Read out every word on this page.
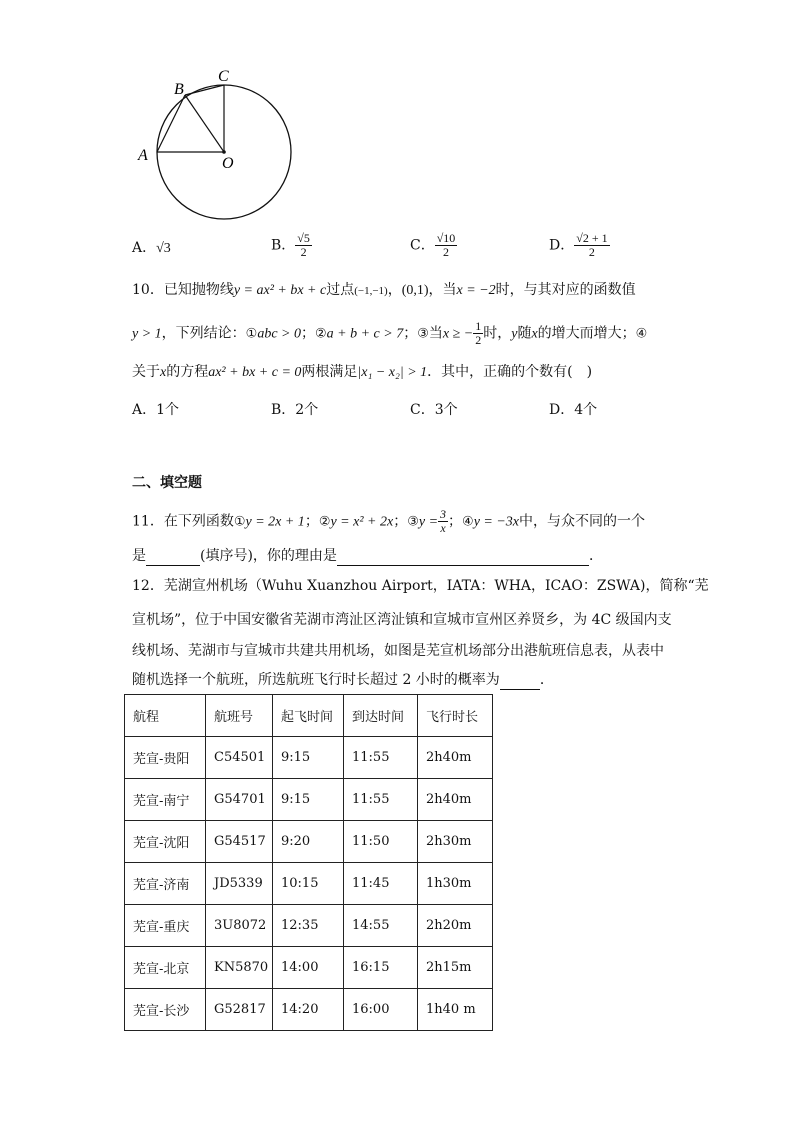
A
B
C
O
A．√3	B． $\frac{√5}{2}$	C． $\frac{√10}{2}$	D． $\frac{√2 + 1}{2}$
10．已知抛物线y = ax² + bx + c过点(−1,−1)，(0,1)，当x = −2时，与其对应的函数值
y > 1，下列结论：①abc > 0；②a + b + c > 7；③当x ≥ − $\frac{1}{2}$ 时，y随x的增大而增大；④
关于x的方程ax² + bx + c = 0两根满足|x₁ − x₂| > 1．其中，正确的个数有(　)
A．1个	B．2个	C．3个	D．4个
二、填空题
11．在下列函数①y = 2x + 1；②y = x² + 2x；③y = $\frac{3}{x}$ ；④y = −3x中，与众不同的一个
是	(填序号)，你的理由是	．
12．芜湖宣州机场（Wuhu Xuanzhou Airport，IATA：WHA，ICAO：ZSWA)，简称“芜
宣机场”，位于中国安徽省芜湖市湾沚区湾沚镇和宣城市宣州区养贤乡，为 4C 级国内支
线机场、芜湖市与宣城市共建共用机场，如图是芜宣机场部分出港航班信息表，从表中
随机选择一个航班，所选航班飞行时长超过 2 小时的概率为	．
航程	航班号	起飞时间	到达时间	飞行时长
芜宣-贵阳	C54501	9:15	11:55	2h40m
芜宣-南宁	G54701	9:15	11:55	2h40m
芜宣-沈阳	G54517	9:20	11:50	2h30m
芜宣-济南	JD5339	10:15	11:45	1h30m
芜宣-重庆	3U8072	12:35	14:55	2h20m
芜宣-北京	KN5870	14:00	16:15	2h15m
芜宣-长沙	G52817	14:20	16:00	1h40 m
